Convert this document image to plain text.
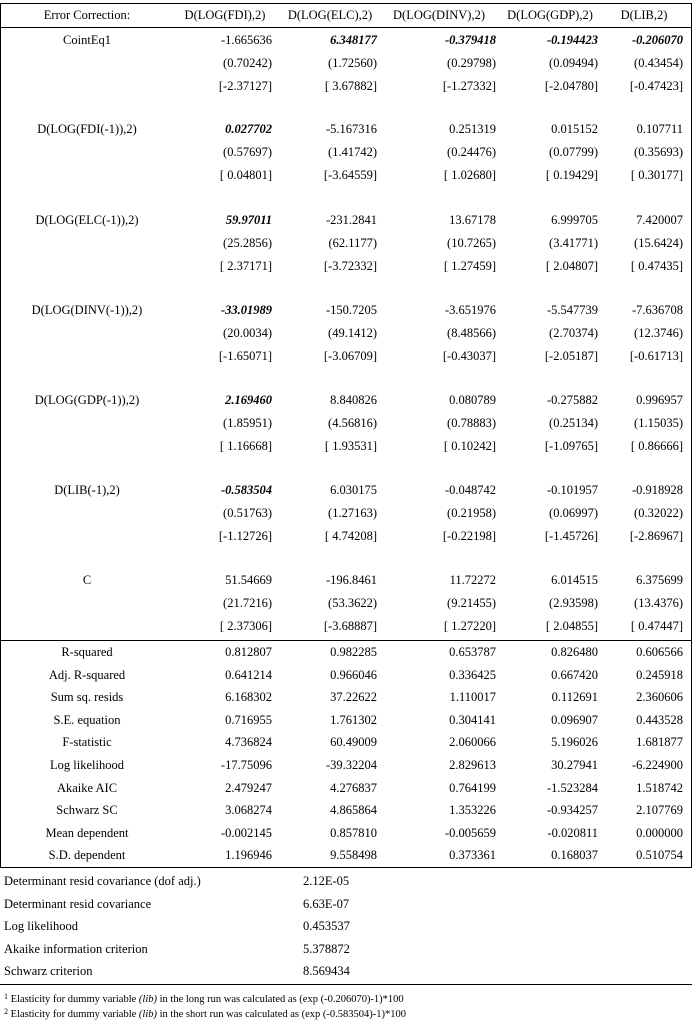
Error Correction:	D(LOG(FDI),2)	D(LOG(ELC),2)	D(LOG(DINV),2)	D(LOG(GDP),2)	D(LIB,2)
CointEq1	-1.665636	6.348177	-0.379418	-0.194423	-0.206070
(0.70242)	(1.72560)	(0.29798)	(0.09494)	(0.43454)
[-2.37127]	[ 3.67882]	[-1.27332]	[-2.04780]	[-0.47423]
D(LOG(FDI(-1)),2)	0.027702	-5.167316	0.251319	0.015152	0.107711
(0.57697)	(1.41742)	(0.24476)	(0.07799)	(0.35693)
[ 0.04801]	[-3.64559]	[ 1.02680]	[ 0.19429]	[ 0.30177]
D(LOG(ELC(-1)),2)	59.97011	-231.2841	13.67178	6.999705	7.420007
(25.2856)	(62.1177)	(10.7265)	(3.41771)	(15.6424)
[ 2.37171]	[-3.72332]	[ 1.27459]	[ 2.04807]	[ 0.47435]
D(LOG(DINV(-1)),2)	-33.01989	-150.7205	-3.651976	-5.547739	-7.636708
(20.0034)	(49.1412)	(8.48566)	(2.70374)	(12.3746)
[-1.65071]	[-3.06709]	[-0.43037]	[-2.05187]	[-0.61713]
D(LOG(GDP(-1)),2)	2.169460	8.840826	0.080789	-0.275882	0.996957
(1.85951)	(4.56816)	(0.78883)	(0.25134)	(1.15035)
[ 1.16668]	[ 1.93531]	[ 0.10242]	[-1.09765]	[ 0.86666]
D(LIB(-1),2)	-0.583504	6.030175	-0.048742	-0.101957	-0.918928
(0.51763)	(1.27163)	(0.21958)	(0.06997)	(0.32022)
[-1.12726]	[ 4.74208]	[-0.22198]	[-1.45726]	[-2.86967]
C	51.54669	-196.8461	11.72272	6.014515	6.375699
(21.7216)	(53.3622)	(9.21455)	(2.93598)	(13.4376)
[ 2.37306]	[-3.68887]	[ 1.27220]	[ 2.04855]	[ 0.47447]
R-squared	0.812807	0.982285	0.653787	0.826480	0.606566
Adj. R-squared	0.641214	0.966046	0.336425	0.667420	0.245918
Sum sq. resids	6.168302	37.22622	1.110017	0.112691	2.360606
S.E. equation	0.716955	1.761302	0.304141	0.096907	0.443528
F-statistic	4.736824	60.49009	2.060066	5.196026	1.681877
Log likelihood	-17.75096	-39.32204	2.829613	30.27941	-6.224900
Akaike AIC	2.479247	4.276837	0.764199	-1.523284	1.518742
Schwarz SC	3.068274	4.865864	1.353226	-0.934257	2.107769
Mean dependent	-0.002145	0.857810	-0.005659	-0.020811	0.000000
S.D. dependent	1.196946	9.558498	0.373361	0.168037	0.510754
Determinant resid covariance (dof adj.)	2.12E-05
Determinant resid covariance	6.63E-07
Log likelihood	0.453537
Akaike information criterion	5.378872
Schwarz criterion	8.569434
$^1$ Elasticity for dummy variable (lib) in the long run was calculated as (exp (-0.206070)-1)*100
$^2$ Elasticity for dummy variable (lib) in the short run was calculated as (exp (-0.583504)-1)*100
